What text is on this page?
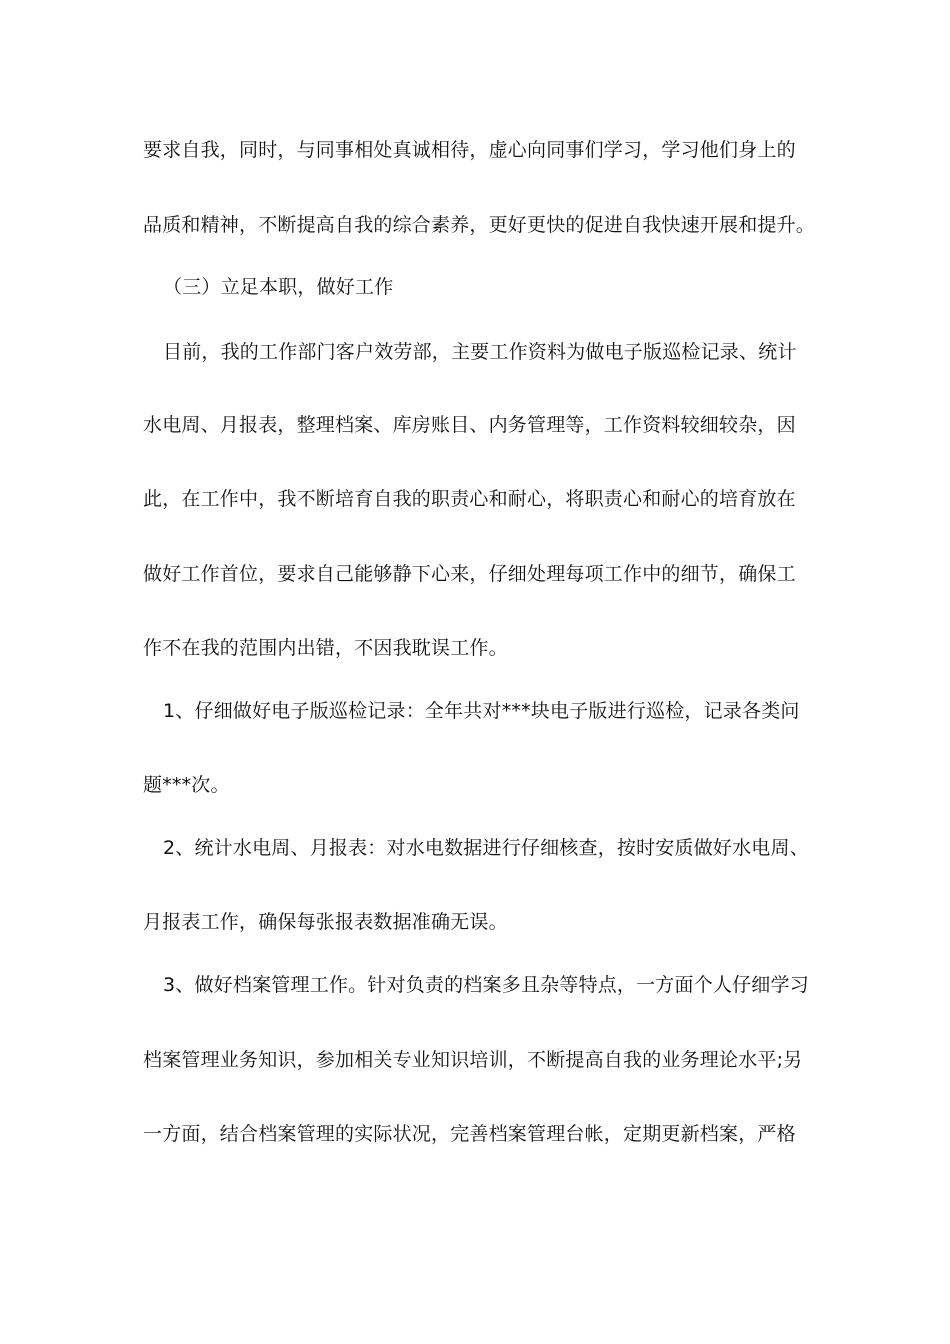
要求自我，同时，与同事相处真诚相待，虚心向同事们学习，学习他们身上的
品质和精神，不断提高自我的综合素养，更好更快的促进自我快速开展和提升。
（三）立足本职，做好工作
目前，我的工作部门客户效劳部，主要工作资料为做电子版巡检记录、统计
水电周、月报表，整理档案、库房账目、内务管理等，工作资料较细较杂，因
此，在工作中，我不断培育自我的职责心和耐心，将职责心和耐心的培育放在
做好工作首位，要求自己能够静下心来，仔细处理每项工作中的细节，确保工
作不在我的范围内出错，不因我耽误工作。
1、仔细做好电子版巡检记录：全年共对***块电子版进行巡检，记录各类问
题***次。
2、统计水电周、月报表：对水电数据进行仔细核查，按时安质做好水电周、
月报表工作，确保每张报表数据准确无误。
3、做好档案管理工作。针对负责的档案多且杂等特点，一方面个人仔细学习
档案管理业务知识，参加相关专业知识培训，不断提高自我的业务理论水平;另
一方面，结合档案管理的实际状况，完善档案管理台帐，定期更新档案，严格
